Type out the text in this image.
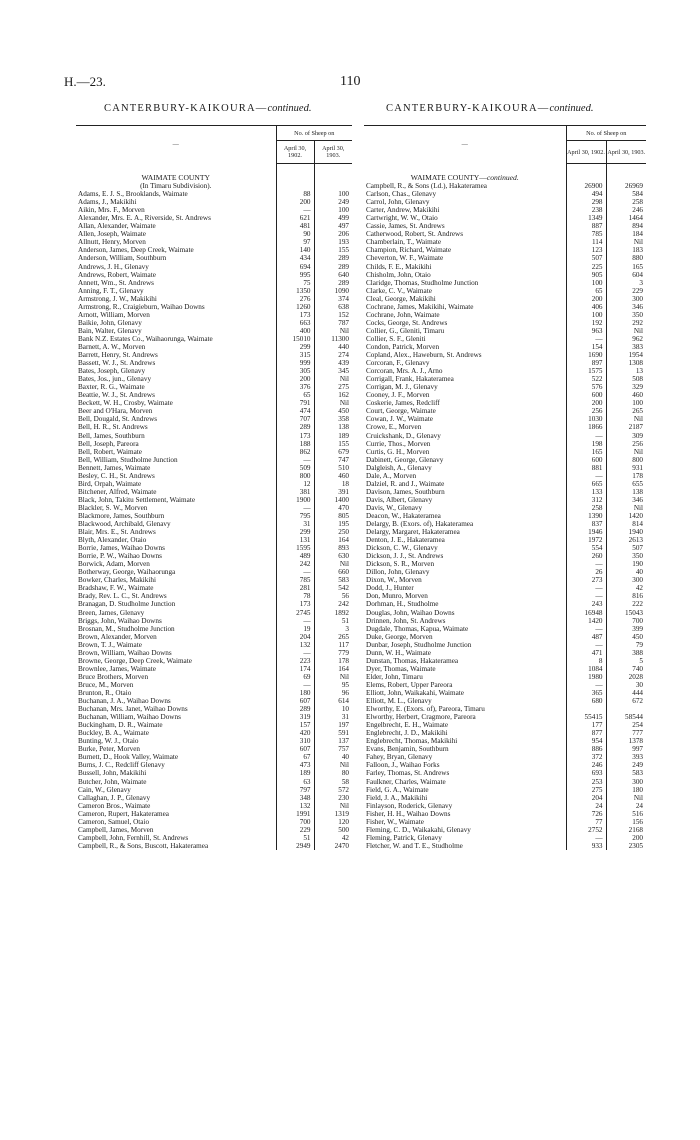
H.—23.	110
CANTERBURY-KAIKOURA—continued.	CANTERBURY-KAIKOURA—continued.
—	No. of Sheep on	
	April 30, 1902.	April 30, 1903.

WAIMATE COUNTY		
(In Timaru Subdivision).		
Adams, E. J. S., Brooklands, Waimate	88	100
Adams, J., Makikihi	200	249
Aikin, Mrs. F., Morven	—	100
Alexander, Mrs. E. A., Riverside, St. Andrews	621	499
Allan, Alexander, Waimate	481	497
Allen, Joseph, Waimate	90	206
Allnutt, Henry, Morven	97	193
Anderson, James, Deep Creek, Waimate	140	155
Anderson, William, Southburn	434	289
Andrews, J. H., Glenavy	694	289
Andrews, Robert, Waimate	995	640
Annett, Wm., St. Andrews	75	289
Anning, F. T., Glenavy	1350	1090
Armstrong, J. W., Makikihi	276	374
Armstrong, R., Craigieburn, Waihao Downs	1260	638
Arnott, William, Morven	173	152
Baikie, John, Glenavy	663	787
Bain, Walter, Glenavy	400	Nil
Bank N.Z. Estates Co., Waihaorunga, Waimate	15010	11300
Barnett, A. W., Morven	299	440
Barrett, Henry, St. Andrews	315	274
Bassett, W. J., St. Andrews	999	439
Bates, Joseph, Glenavy	305	345
Bates, Jos., jun., Glenavy	200	Nil
Baxter, R. G., Waimate	376	275
Beattie, W. J., St. Andrews	65	162
Beckett, W. H., Crosby, Waimate	791	Nil
Beer and O'Hara, Morven	474	450
Bell, Dougald, St. Andrews	707	358
Bell, H. R., St. Andrews	289	138
Bell, James, Southburn	173	189
Bell, Joseph, Pareora	188	155
Bell, Robert, Waimate	862	679
Bell, William, Studholme Junction	—	747
Bennett, James, Waimate	509	510
Besley, C. H., St. Andrews	800	460
Bird, Orpah, Waimate	12	18
Bitchener, Alfred, Waimate	381	391
Black, John, Takitu Settlement, Waimate	1900	1400
Blackler, S. W., Morven	—	470
Blackmore, James, Southburn	795	805
Blackwood, Archibald, Glenavy	31	195
Blair, Mrs. E., St. Andrews	299	250
Blyth, Alexander, Otaio	131	164
Borrie, James, Waihao Downs	1595	893
Borrie, P. W., Waihao Downs	489	630
Borwick, Adam, Morven	242	Nil
Botherway, George, Waihaorunga	—	660
Bowker, Charles, Makikihi	785	583
Bradshaw, F. W., Waimate	281	542
Brady, Rev. L. C., St. Andrews	78	56
Branagan, D. Studholme Junction	173	242
Breen, James, Glenavy	2745	1892
Briggs, John, Waihao Downs	—	51
Brosnan, M., Studholme Junction	19	3
Brown, Alexander, Morven	204	265
Brown, T. J., Waimate	132	117
Brown, William, Waihao Downs	—	779
Browne, George, Deep Creek, Waimate	223	178
Brownlee, James, Waimate	174	164
Bruce Brothers, Morven	69	Nil
Bruce, M., Morven	—	95
Brunton, R., Otaio	180	96
Buchanan, J. A., Waihao Downs	607	614
Buchanan, Mrs. Janet, Waihao Downs	289	10
Buchanan, William, Waihao Downs	319	31
Buckingham, D. R., Waimate	157	197
Buckley, B. A., Waimate	420	591
Bunting, W. J., Otaio	310	137
Burke, Peter, Morven	607	757
Burnett, D., Hook Valley, Waimate	67	40
Burns, J. C., Redcliff Glenavy	473	Nil
Bussell, John, Makikihi	189	80
Butcher, John, Waimate	63	58
Cain, W., Glenavy	797	572
Callaghan, J. P., Glenavy	348	230
Cameron Bros., Waimate	132	Nil
Cameron, Rupert, Hakateramea	1991	1319
Cameron, Samuel, Otaio	700	120
Campbell, James, Morven	229	500
Campbell, John, Fernhill, St. Andrews	51	42
Campbell, R., & Sons, Buscott, Hakateramea	2949	2470
—	No. of Sheep on	
	April 30, 1902.	April 30, 1903.

WAIMATE COUNTY—continued.		
Campbell, R., & Sons (Ld.), Hakateramea	26900	26969
Carlson, Chas., Glenavy	494	584
Carrol, John, Glenavy	298	258
Carter, Andrew, Makikihi	238	246
Cartwright, W. W., Otaio	1349	1464
Cassie, James, St. Andrews	887	894
Catherwood, Robert, St. Andrews	785	184
Chamberlain, T., Waimate	114	Nil
Champion, Richard, Waimate	123	183
Cheverton, W. F., Waimate	507	880
Childs, F. E., Makikihi	225	165
Chisholm, John, Otaio	905	604
Claridge, Thomas, Studholme Junction	100	3
Clarke, C. V., Waimate	65	229
Cleal, George, Makikihi	200	300
Cochrane, James, Makikihi, Waimate	406	346
Cochrane, John, Waimate	100	350
Cocks, George, St. Andrews	192	292
Collier, G., Gleniti, Timaru	963	Nil
Collier, S. F., Gleniti	—	962
Condon, Patrick, Morven	154	383
Copland, Alex., Haweburn, St. Andrews	1690	1954
Corcoran, F., Glenavy	897	1308
Corcoran, Mrs. A. J., Arno	1575	13
Corrigall, Frank, Hakateramea	522	508
Corrigan, M. J., Glenavy	576	329
Cooney, J. F., Morven	600	460
Coskerie, James, Redcliff	200	100
Court, George, Waimate	256	265
Cowan, J. W., Waimate	1030	Nil
Crowe, E., Morven	1866	2187
Cruickshank, D., Glenavy	—	309
Currie, Thos., Morven	198	256
Curtis, G. H., Morven	165	Nil
Dabinett, George, Glenavy	600	800
Dalgleish, A., Glenavy	881	931
Dale, A., Morven	—	178
Dalziel, R. and J., Waimate	665	655
Davison, James, Southburn	133	138
Davis, Albert, Glenavy	312	346
Davis, W., Glenavy	258	Nil
Deacon, W., Hakateramea	1390	1420
Delargy, B. (Exors. of), Hakateramea	837	814
Delargy, Margaret, Hakateramea	1946	1940
Denton, J. E., Hakateramea	1972	2613
Dickson, C. W., Glenavy	554	507
Dickson, J. J., St. Andrews	260	350
Dickson, S. R., Morven	—	190
Dillon, John, Glenavy	26	40
Dixon, W., Morven	273	300
Dodd, J., Hunter	—	42
Don, Munro, Morven	—	816
Dorhman, H., Studholme	243	222
Douglas, John, Waihao Downs	16948	15043
Drinnen, John, St. Andrews	1420	700
Dugdale, Thomas, Kapua, Waimate	—	399
Duke, George, Morven	487	450
Dunbar, Joseph, Studholme Junction	—	79
Dunn, W. H., Waimate	471	388
Dunstan, Thomas, Hakateramea	8	5
Dyer, Thomas, Waimate	1084	740
Elder, John, Timaru	1980	2028
Elems, Robert, Upper Pareora	—	30
Elliott, John, Waikakahi, Waimate	365	444
Elliott, M. L., Glenavy	680	672
Elworthy, E. (Exors. of), Pareora, Timaru		
Elworthy, Herbert, Cragmore, Pareora	55415	58544
Engelbrecht, E. H., Waimate	177	254
Englebrecht, J. D., Makikihi	877	777
Englebrecht, Thomas, Makikihi	954	1378
Evans, Benjamin, Southburn	886	997
Fahey, Bryan, Glenavy	372	393
Falloon, J., Waihao Forks	246	249
Farley, Thomas, St. Andrews	693	583
Faulkner, Charles, Waimate	253	300
Field, G. A., Waimate	275	180
Field, J. A., Makikihi	204	Nil
Finlayson, Roderick, Glenavy	24	24
Fisher, H. H., Waihao Downs	726	516
Fisher, W., Waimate	77	156
Fleming, C. D., Waikakahi, Glenavy	2752	2168
Fleming, Patrick, Glenavy	—	200
Fletcher, W. and T. E., Studholme	933	2305
